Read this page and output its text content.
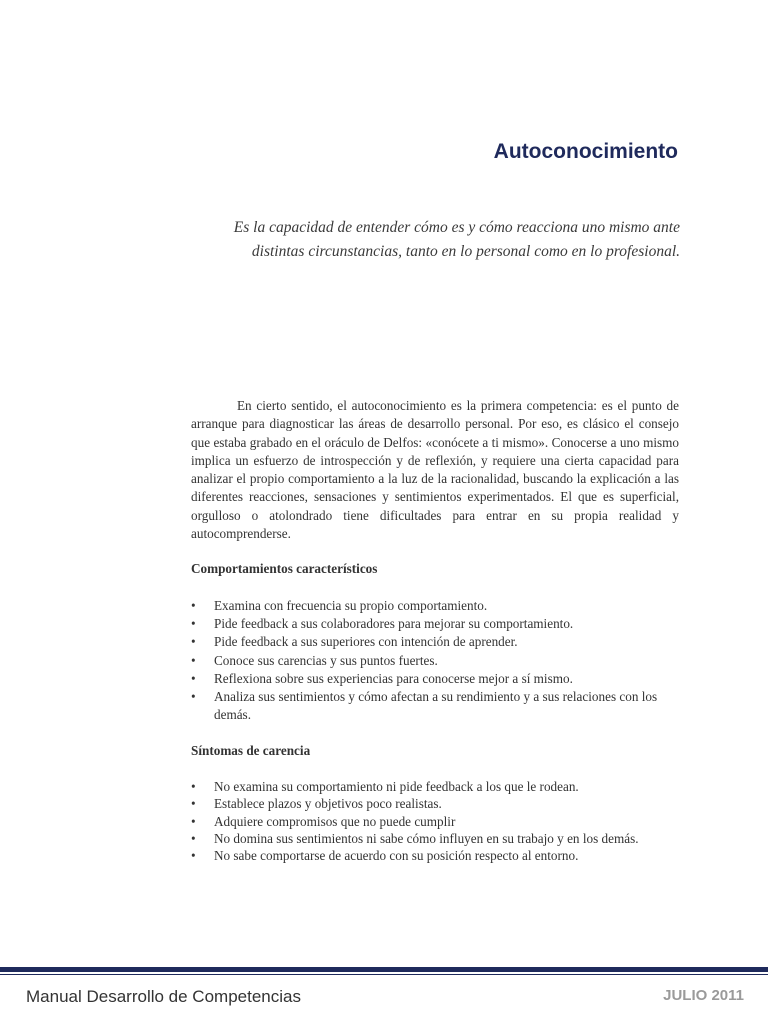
Autoconocimiento

Es la capacidad de entender cómo es y cómo reacciona uno mismo ante distintas circunstancias, tanto en lo personal como en lo profesional.

En cierto sentido, el autoconocimiento es la primera competencia: es el punto de arranque para diagnosticar las áreas de desarrollo personal. Por eso, es clásico el consejo que estaba grabado en el oráculo de Delfos: «conócete a ti mismo». Conocerse a uno mismo implica un esfuerzo de introspección y de reflexión, y requiere una cierta capacidad para analizar el propio comportamiento a la luz de la racionalidad, buscando la explicación a las diferentes reacciones, sensaciones y sentimientos experimentados. El que es superficial, orgulloso o atolondrado tiene dificultades para entrar en su propia realidad y autocomprenderse.

Comportamientos característicos
• Examina con frecuencia su propio comportamiento.
• Pide feedback a sus colaboradores para mejorar su comportamiento.
• Pide feedback a sus superiores con intención de aprender.
• Conoce sus carencias y sus puntos fuertes.
• Reflexiona sobre sus experiencias para conocerse mejor a sí mismo.
• Analiza sus sentimientos y cómo afectan a su rendimiento y a sus relaciones con los demás.
Síntomas de carencia
• No examina su comportamiento ni pide feedback a los que le rodean.
• Establece plazos y objetivos poco realistas.
• Adquiere compromisos que no puede cumplir
• No domina sus sentimientos ni sabe cómo influyen en su trabajo y en los demás.
• No sabe comportarse de acuerdo con su posición respecto al entorno.
Manual Desarrollo de Competencias	JULIO 2011
